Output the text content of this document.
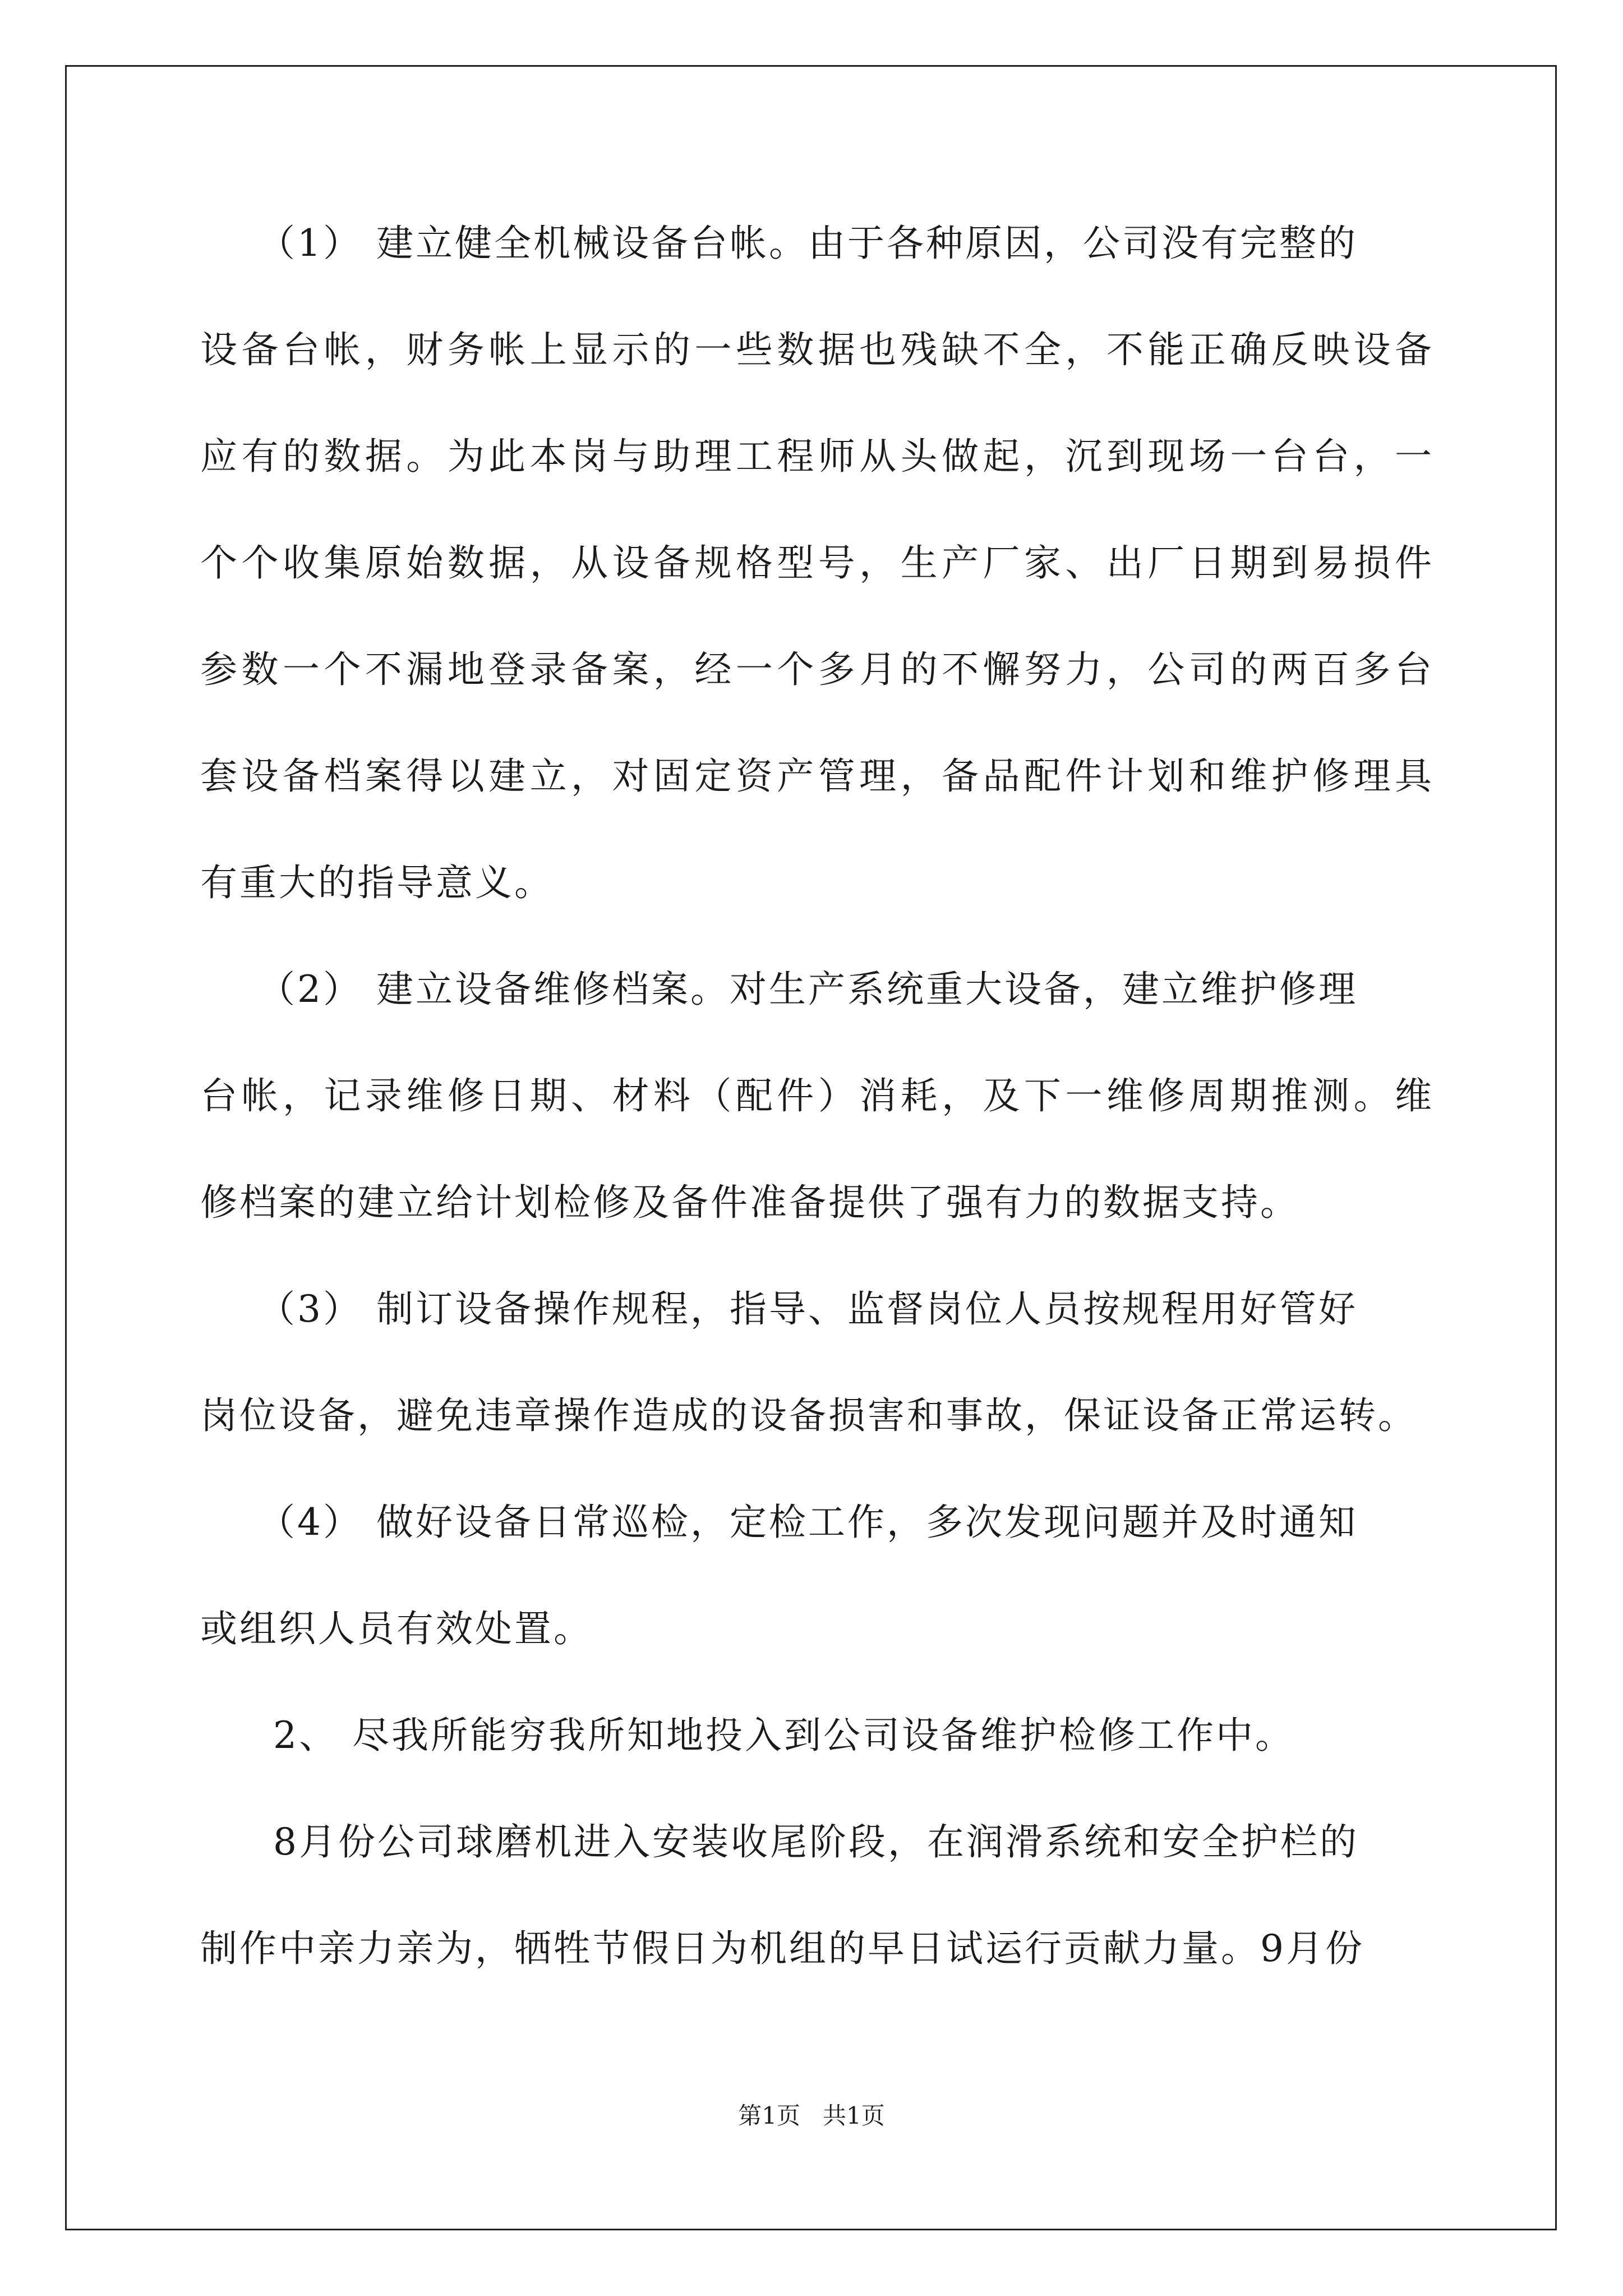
（1） 建立健全机械设备台帐。由于各种原因，公司没有完整的
设备台帐，财务帐上显示的一些数据也残缺不全，不能正确反映设备
应有的数据。为此本岗与助理工程师从头做起，沉到现场一台台，一
个个收集原始数据，从设备规格型号，生产厂家、出厂日期到易损件
参数一个不漏地登录备案，经一个多月的不懈努力，公司的两百多台
套设备档案得以建立，对固定资产管理，备品配件计划和维护修理具
有重大的指导意义。
（2） 建立设备维修档案。对生产系统重大设备，建立维护修理
台帐，记录维修日期、材料（配件）消耗，及下一维修周期推测。维
修档案的建立给计划检修及备件准备提供了强有力的数据支持。
（3） 制订设备操作规程，指导、监督岗位人员按规程用好管好
岗位设备，避免违章操作造成的设备损害和事故，保证设备正常运转。
（4） 做好设备日常巡检，定检工作，多次发现问题并及时通知
或组织人员有效处置。
2、 尽我所能穷我所知地投入到公司设备维护检修工作中。
8月份公司球磨机进入安装收尾阶段，在润滑系统和安全护栏的
制作中亲力亲为，牺牲节假日为机组的早日试运行贡献力量。9月份
第1页   共1页
